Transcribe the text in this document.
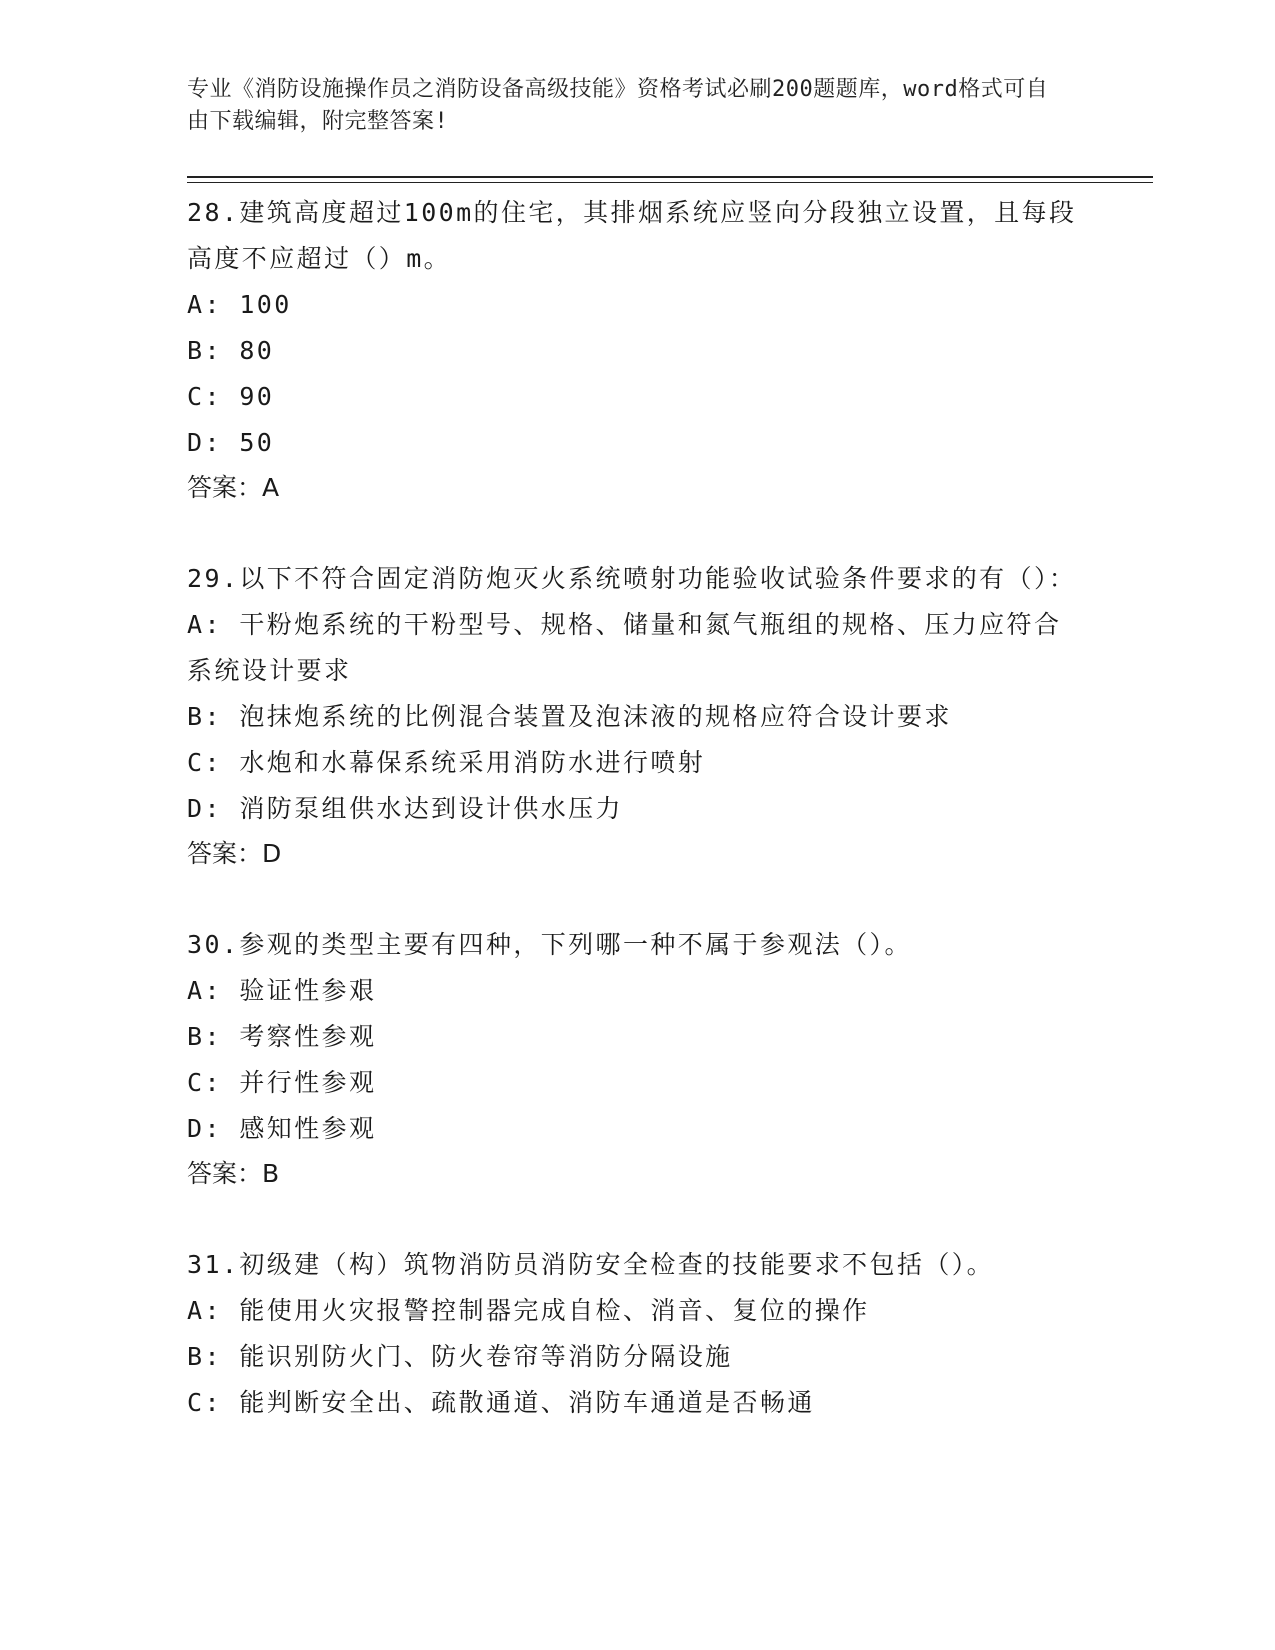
专业《消防设施操作员之消防设备高级技能》资格考试必刷200题题库，word格式可自由下载编辑，附完整答案!

28.建筑高度超过100m的住宅，其排烟系统应竖向分段独立设置，且每段高度不应超过（）m。

A: 100

B: 80

C: 90

D: 50

答案：A

29.以下不符合固定消防炮灭火系统喷射功能验收试验条件要求的有（）：

A: 干粉炮系统的干粉型号、规格、储量和氮气瓶组的规格、压力应符合系统设计要求

B: 泡抹炮系统的比例混合装置及泡沫液的规格应符合设计要求

C: 水炮和水幕保系统采用消防水进行喷射

D: 消防泵组供水达到设计供水压力

答案：D

30.参观的类型主要有四种，下列哪一种不属于参观法（）。

A: 验证性参艰

B: 考察性参观

C: 并行性参观

D: 感知性参观

答案：B

31.初级建（构）筑物消防员消防安全检查的技能要求不包括（）。

A: 能使用火灾报警控制器完成自检、消音、复位的操作

B: 能识别防火门、防火卷帘等消防分隔设施

C: 能判断安全出、疏散通道、消防车通道是否畅通
